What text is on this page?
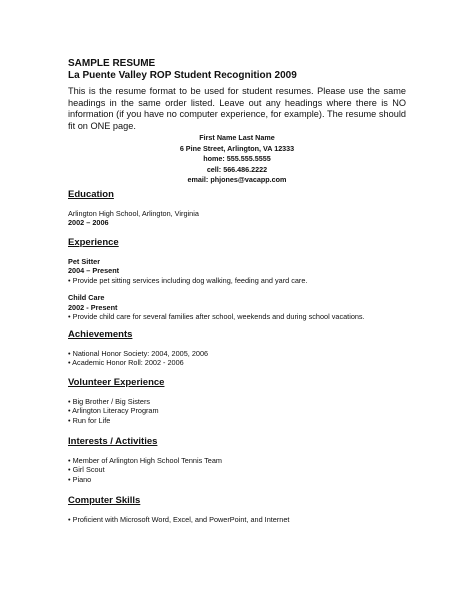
SAMPLE RESUME
La Puente Valley ROP Student Recognition 2009
This is the resume format to be used for student resumes. Please use the same headings in the same order listed. Leave out any headings where there is NO information (if you have no computer experience, for example). The resume should fit on ONE page.
First Name Last Name
6 Pine Street, Arlington, VA 12333
home: 555.555.5555
cell: 566.486.2222
email: phjones@vacapp.com
Education
Arlington High School, Arlington, Virginia
2002 – 2006
Experience
Pet Sitter
2004 – Present
• Provide pet sitting services including dog walking, feeding and yard care.
Child Care
2002 - Present
• Provide child care for several families after school, weekends and during school vacations.
Achievements
• National Honor Society: 2004, 2005, 2006
• Academic Honor Roll: 2002 - 2006
Volunteer Experience
• Big Brother / Big Sisters
• Arlington Literacy Program
• Run for Life
Interests / Activities
• Member of Arlington High School Tennis Team
• Girl Scout
• Piano
Computer Skills
• Proficient with Microsoft Word, Excel, and PowerPoint, and Internet
